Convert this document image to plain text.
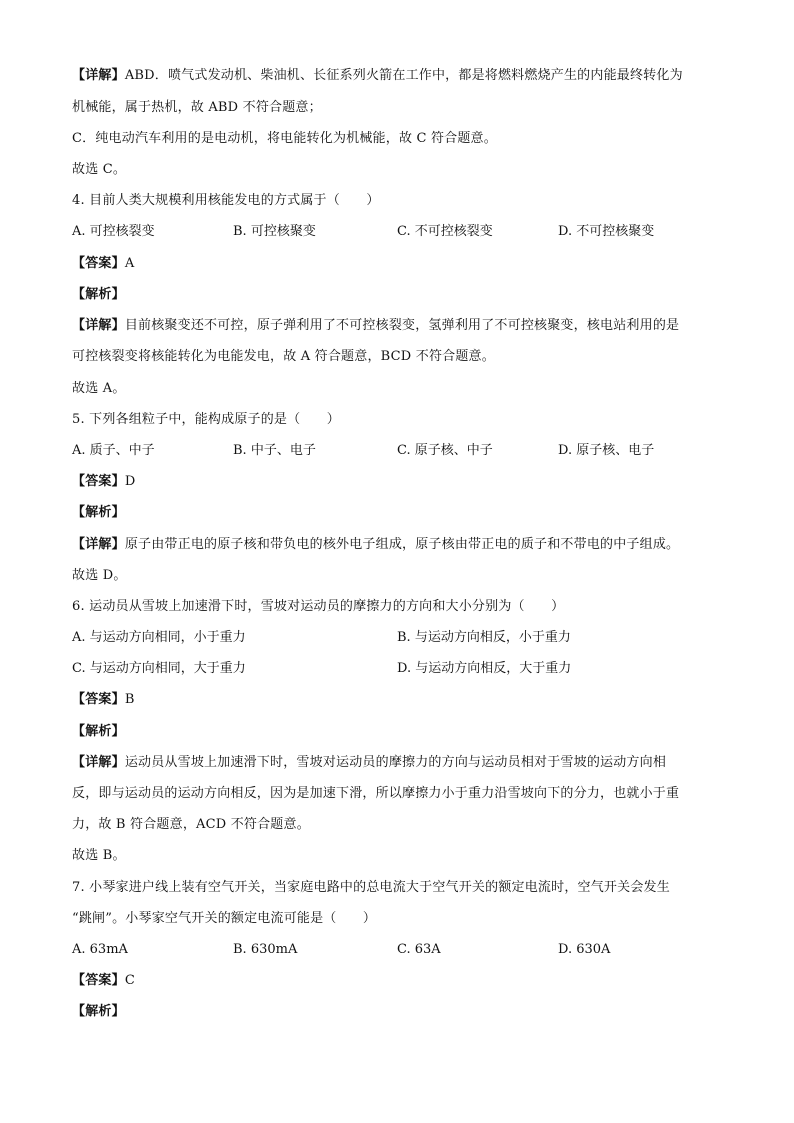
【详解】ABD．喷气式发动机、柴油机、长征系列火箭在工作中，都是将燃料燃烧产生的内能最终转化为
机械能，属于热机，故 ABD 不符合题意；
C．纯电动汽车利用的是电动机，将电能转化为机械能，故 C 符合题意。
故选 C。
4. 目前人类大规模利用核能发电的方式属于（　　）
A. 可控核裂变	B. 可控核聚变	C. 不可控核裂变	D. 不可控核聚变
【答案】A
【解析】
【详解】目前核聚变还不可控，原子弹利用了不可控核裂变，氢弹利用了不可控核聚变，核电站利用的是
可控核裂变将核能转化为电能发电，故 A 符合题意，BCD 不符合题意。
故选 A。
5. 下列各组粒子中，能构成原子的是（　　）
A. 质子、中子	B. 中子、电子	C. 原子核、中子	D. 原子核、电子
【答案】D
【解析】
【详解】原子由带正电的原子核和带负电的核外电子组成，原子核由带正电的质子和不带电的中子组成。
故选 D。
6. 运动员从雪坡上加速滑下时，雪坡对运动员的摩擦力的方向和大小分别为（　　）
A. 与运动方向相同，小于重力	B. 与运动方向相反，小于重力
C. 与运动方向相同，大于重力	D. 与运动方向相反，大于重力
【答案】B
【解析】
【详解】运动员从雪坡上加速滑下时，雪坡对运动员的摩擦力的方向与运动员相对于雪坡的运动方向相
反，即与运动员的运动方向相反，因为是加速下滑，所以摩擦力小于重力沿雪坡向下的分力，也就小于重
力，故 B 符合题意，ACD 不符合题意。
故选 B。
7. 小琴家进户线上装有空气开关，当家庭电路中的总电流大于空气开关的额定电流时，空气开关会发生
“跳闸”。小琴家空气开关的额定电流可能是（　　）
A. 63mA	B. 630mA	C. 63A	D. 630A
【答案】C
【解析】
